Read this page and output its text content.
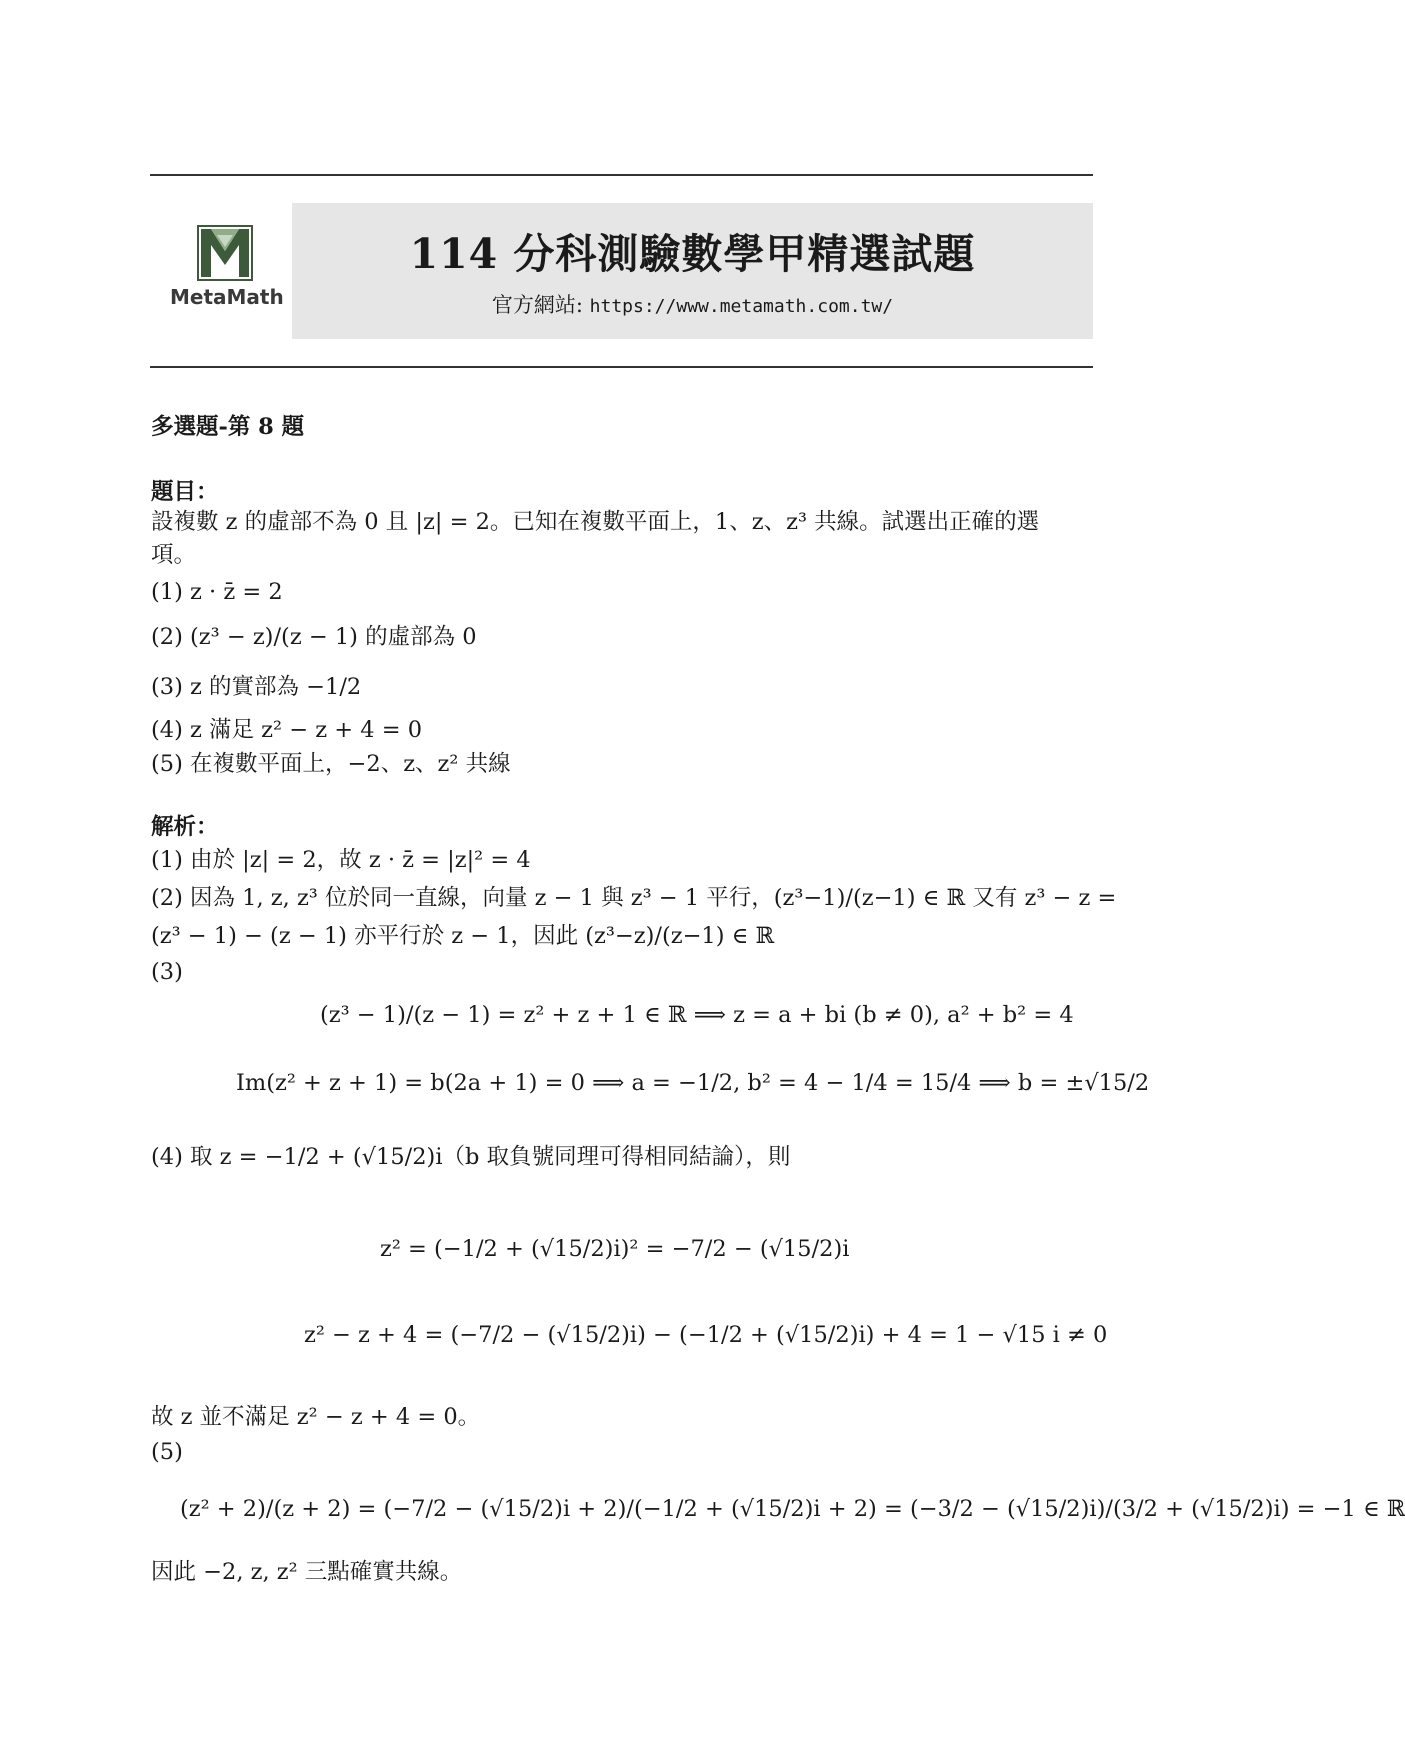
MetaMath
114 分科測驗數學甲精選試題
官方網站: https://www.metamath.com.tw/
多選題-第 8 題
題目：
設複數 z 的虛部不為 0 且 |z| = 2。已知在複數平面上，1、z、z³ 共線。試選出正確的選
項。
(1) z · z̄ = 2
(2) (z³ − z)/(z − 1) 的虛部為 0
(3) z 的實部為 −1/2
(4) z 滿足 z² − z + 4 = 0
(5) 在複數平面上，−2、z、z² 共線
解析：
(1) 由於 |z| = 2，故 z · z̄ = |z|² = 4
(2) 因為 1, z, z³ 位於同一直線，向量 z − 1 與 z³ − 1 平行，(z³−1)/(z−1) ∈ ℝ 又有 z³ − z =
(z³ − 1) − (z − 1) 亦平行於 z − 1，因此 (z³−z)/(z−1) ∈ ℝ
(3)
(z³ − 1)/(z − 1) = z² + z + 1 ∈ ℝ ⟹ z = a + bi (b ≠ 0), a² + b² = 4
Im(z² + z + 1) = b(2a + 1) = 0 ⟹ a = −1/2, b² = 4 − 1/4 = 15/4 ⟹ b = ±√15/2
(4) 取 z = −1/2 + (√15/2)i（b 取負號同理可得相同結論），則
z² = (−1/2 + (√15/2)i)² = −7/2 − (√15/2)i
z² − z + 4 = (−7/2 − (√15/2)i) − (−1/2 + (√15/2)i) + 4 = 1 − √15 i ≠ 0
故 z 並不滿足 z² − z + 4 = 0。
(5)
(z² + 2)/(z + 2) = (−7/2 − (√15/2)i + 2)/(−1/2 + (√15/2)i + 2) = (−3/2 − (√15/2)i)/(3/2 + (√15/2)i) = −1 ∈ ℝ
因此 −2, z, z² 三點確實共線。
